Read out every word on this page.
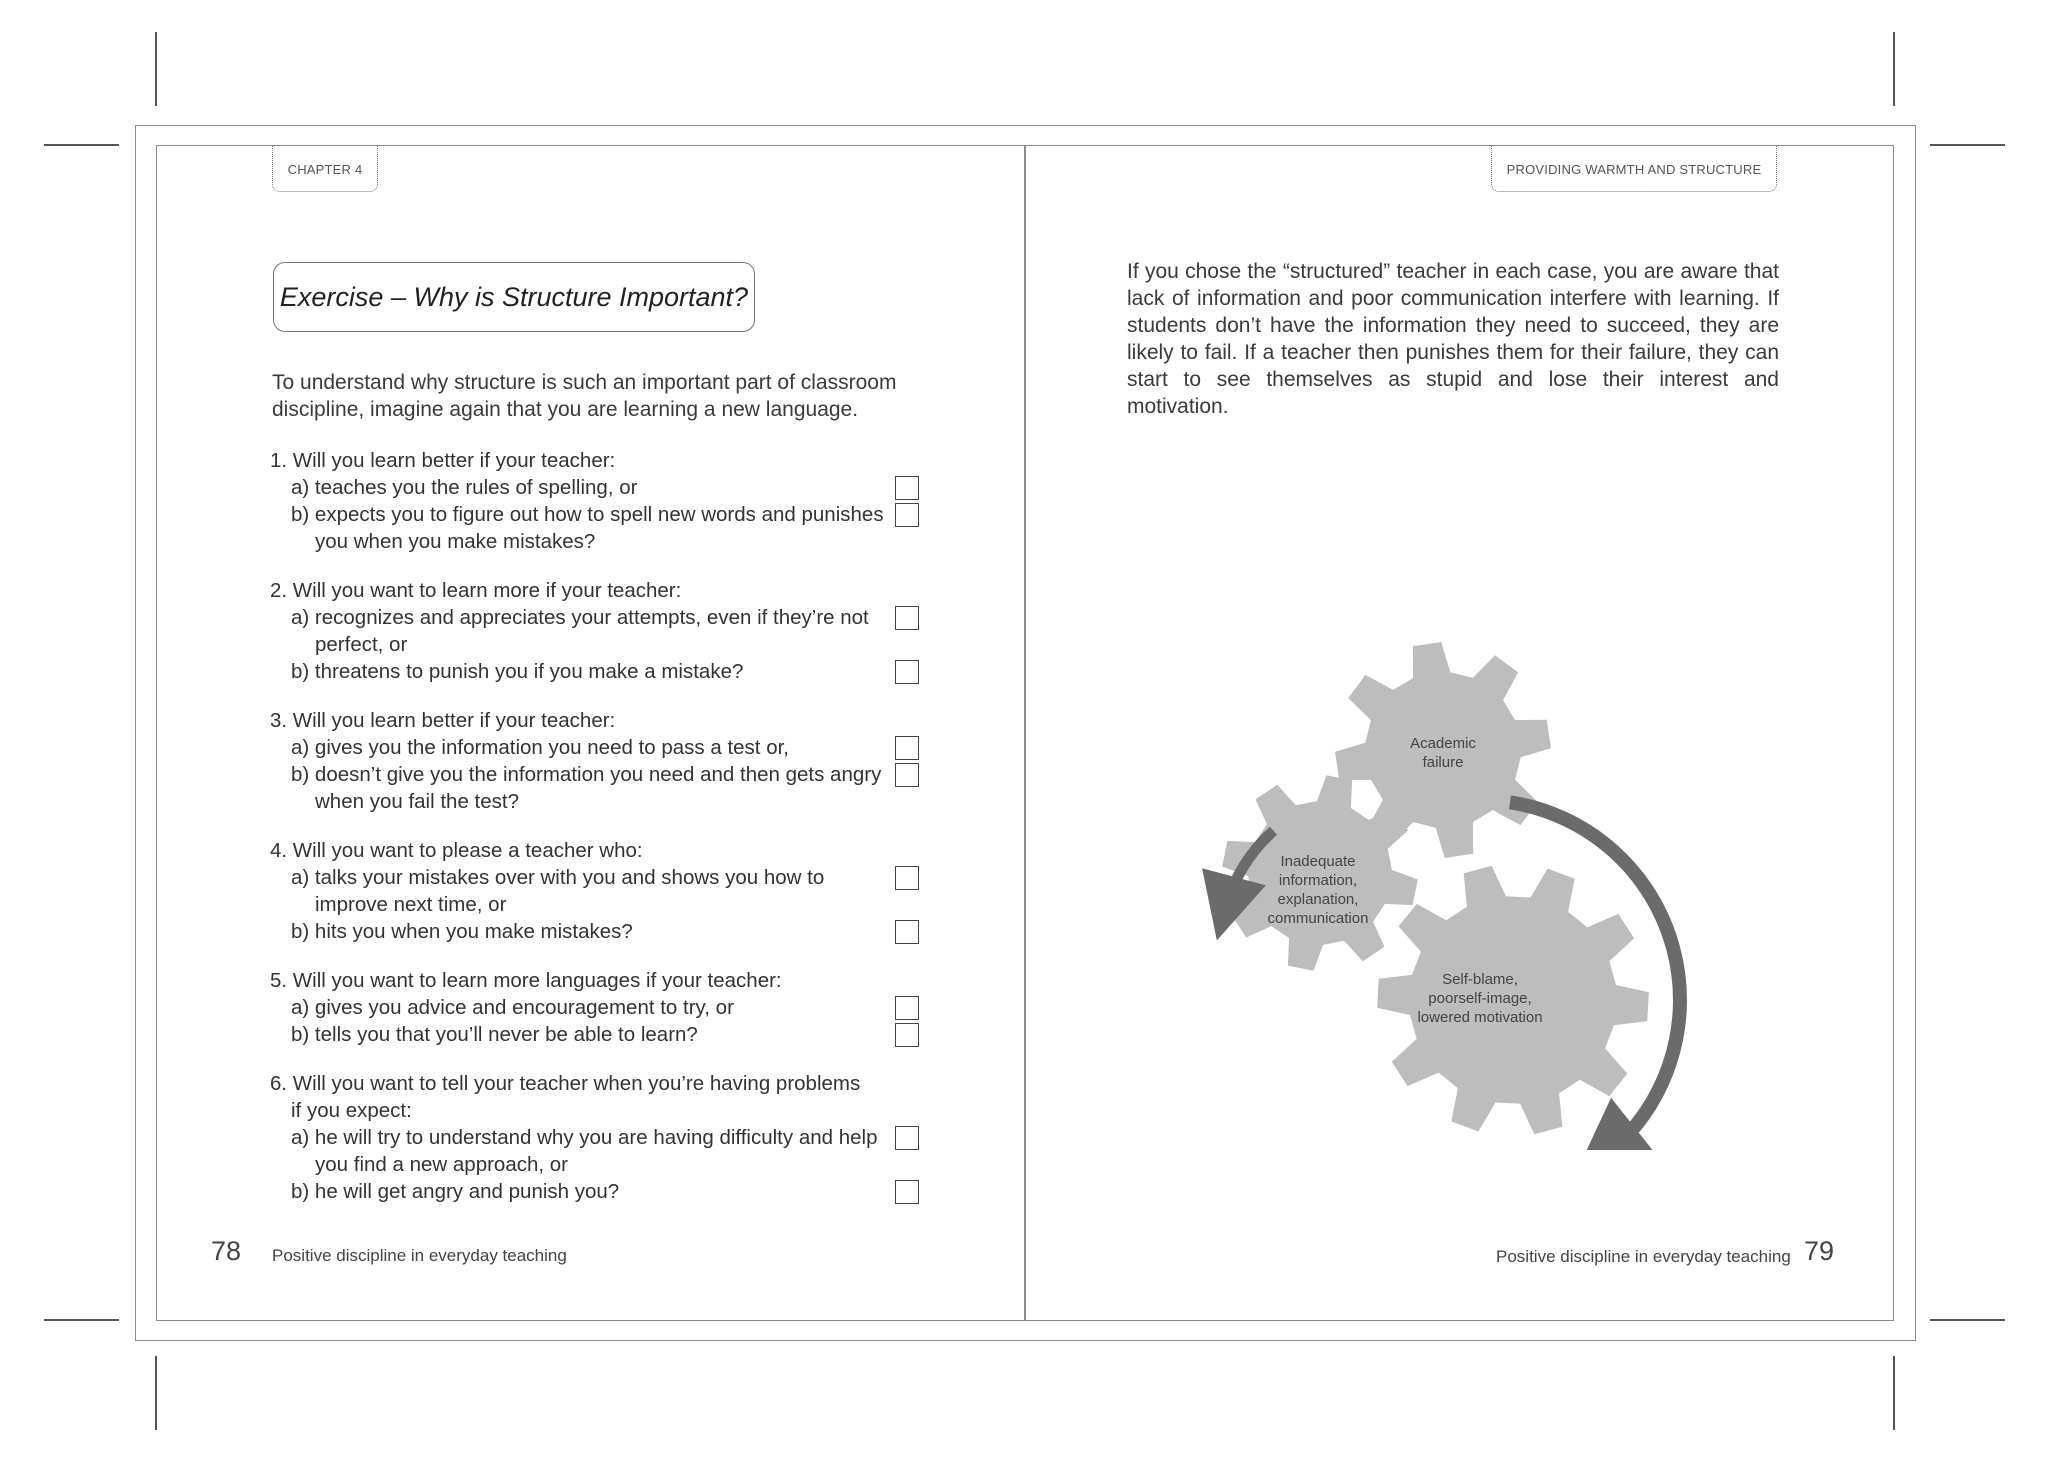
CHAPTER 4
Exercise – Why is Structure Important?
To understand why structure is such an important part of classroom discipline, imagine again that you are learning a new language.
1. Will you learn better if your teacher:
a) teaches you the rules of spelling, or
b) expects you to figure out how to spell new words and punishes you when you make mistakes?
2. Will you want to learn more if your teacher:
a) recognizes and appreciates your attempts, even if they’re not perfect, or
b) threatens to punish you if you make a mistake?
3. Will you learn better if your teacher:
a) gives you the information you need to pass a test or,
b) doesn’t give you the information you need and then gets angry when you fail the test?
4. Will you want to please a teacher who:
a) talks your mistakes over with you and shows you how to improve next time, or
b) hits you when you make mistakes?
5. Will you want to learn more languages if your teacher:
a) gives you advice and encouragement to try, or
b) tells you that you’ll never be able to learn?
6. Will you want to tell your teacher when you’re having problems if you expect:
a) he will try to understand why you are having difficulty and help you find a new approach, or
b) he will get angry and punish you?
78 Positive discipline in everyday teaching
PROVIDING WARMTH AND STRUCTURE
If you chose the “structured” teacher in each case, you are aware that lack of information and poor communication interfere with learning. If students don’t have the information they need to succeed, they are likely to fail. If a teacher then punishes them for their failure, they can start to see themselves as stupid and lose their interest and motivation.
Academic
failure
Inadequate
information,
explanation,
communication
Self-blame,
poorself-image,
lowered motivation
Positive discipline in everyday teaching 79
